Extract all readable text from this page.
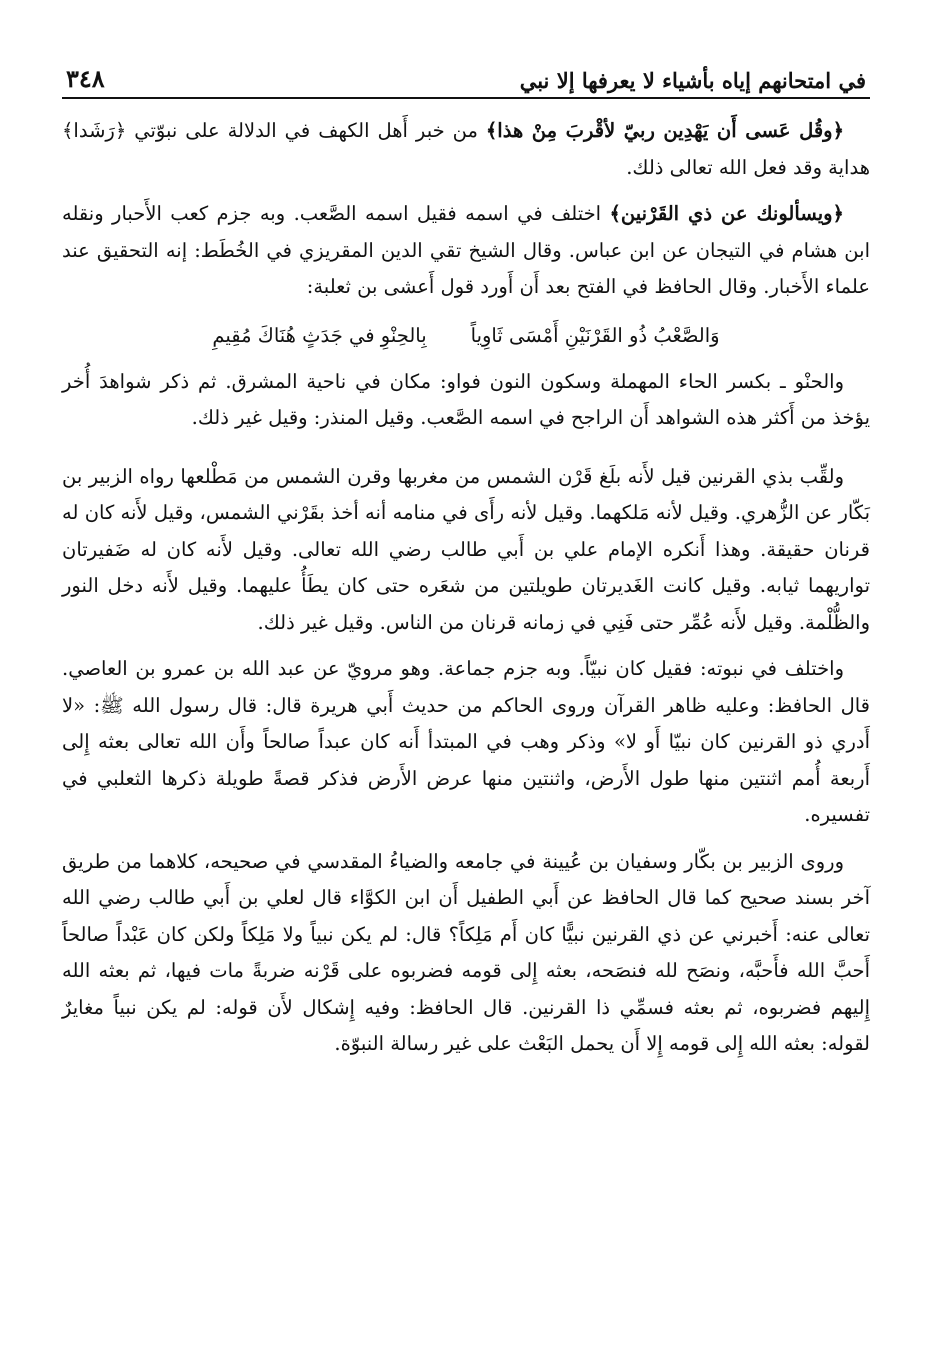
في امتحانهم إياه بأشياء لا يعرفها إلا نبي
٣٤٨

﴿وقُل عَسى أَن يَهْدِين ربيّ لأقْربَ مِنْ هذا﴾ من خبر أَهل الكهف في الدلالة على نبوّتي ﴿رَشَدا﴾ هداية وقد فعل الله تعالى ذلك.

﴿ويسألونك عن ذي القَرْنين﴾ اختلف في اسمه فقيل اسمه الصَّعب. وبه جزم كعب الأَحبار ونقله ابن هشام في التيجان عن ابن عباس. وقال الشيخ تقي الدين المقريزي في الخُطَط: إنه التحقيق عند علماء الأَخبار. وقال الحافظ في الفتح بعد أَن أَورد قول أَعشى بن ثعلبة:

وَالصَّعْبُ ذُو القَرْنَيْنِ أَمْسَى ثَاوِياً
بِالحِنْوِ في جَدَثٍ هُنَاكَ مُقِيمِ

والحنْو ـ بكسر الحاء المهملة وسكون النون فواو: مكان في ناحية المشرق. ثم ذكر شواهدَ أُخر يؤخذ من أَكثر هذه الشواهد أَن الراجح في اسمه الصَّعب. وقيل المنذر: وقيل غير ذلك.

ولقِّب بذي القرنين قيل لأَنه بلَغ قَرْن الشمس من مغربها وقرن الشمس من مَطْلعها رواه الزبير بن بَكّار عن الزُّهري. وقيل لأنه مَلكهما. وقيل لأنه رأَى في منامه أنه أخذ بقَرْني الشمس، وقيل لأَنه كان له قرنان حقيقة. وهذا أَنكره الإمام علي بن أَبي طالب رضي الله تعالى. وقيل لأَنه كان له ضَفيرتان تواريهما ثيابه. وقيل كانت الغَديرتان طويلتين من شعَره حتى كان يطَأُ عليهما. وقيل لأَنه دخل النور والظُّلْمة. وقيل لأَنه عُمِّر حتى فَنِي في زمانه قرنان من الناس. وقيل غير ذلك.

واختلف في نبوته: فقيل كان نبيّاً. وبه جزم جماعة. وهو مرويّ عن عبد الله بن عمرو بن العاصي. قال الحافظ: وعليه ظاهر القرآن وروى الحاكم من حديث أَبي هريرة قال: قال رسول الله ﷺ: «لا أَدري ذو القرنين كان نبيّا أَو لا» وذكر وهب في المبتدأ أَنه كان عبداً صالحاً وأَن الله تعالى بعثه إِلى أَربعة أُمم اثنتين منها طول الأَرض، واثنتين منها عرض الأَرض فذكر قصةً طويلة ذكرها الثعلبي في تفسيره.

وروى الزبير بن بكّار وسفيان بن عُيينة في جامعه والضياءُ المقدسي في صحيحه، كلاهما من طريق آخر بسند صحيح كما قال الحافظ عن أَبي الطفيل أَن ابن الكوَّاء قال لعلي بن أَبي طالب رضي الله تعالى عنه: أَخبرني عن ذي القرنين نبيًّا كان أَم مَلِكاً؟ قال: لم يكن نبياً ولا مَلِكاً ولكن كان عَبْداً صالحاً أَحبَّ الله فأَحبَّه، ونصَح لله فنصَحه، بعثه إِلى قومه فضربوه على قَرْنه ضربةً مات فيها، ثم بعثه الله إِليهم فضربوه، ثم بعثه فسمِّي ذا القرنين. قال الحافظ: وفيه إِشكال لأَن قوله: لم يكن نبياً مغايرٌ لقوله: بعثه الله إِلى قومه إِلا أَن يحمل البَعْث على غير رسالة النبوّة.
